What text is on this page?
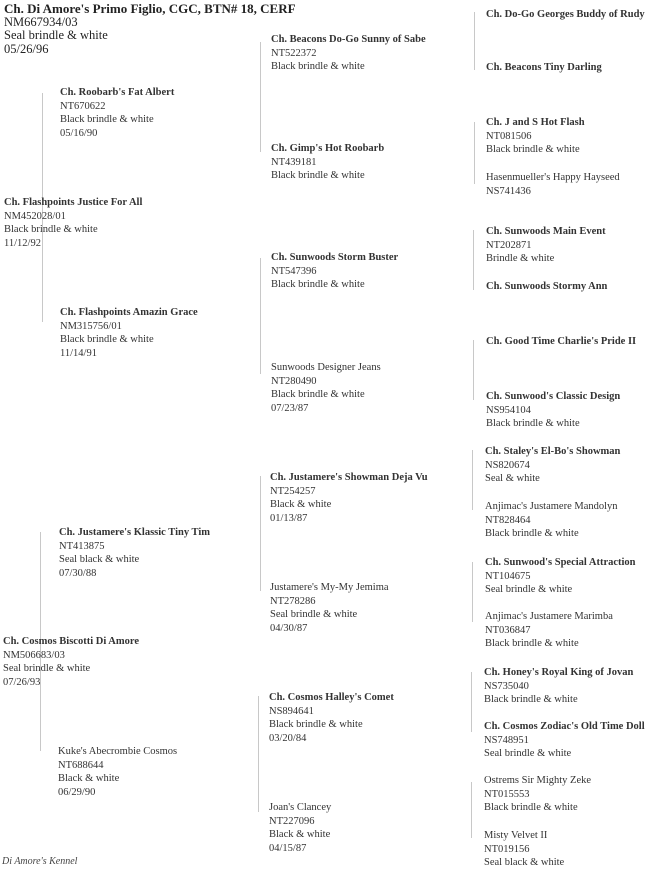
Ch. Di Amore's Primo Figlio, CGC, BTN# 18, CERF
NM667934/03
Seal brindle & white
05/26/96
Ch. Flashpoints Justice For All
NM452028/01
Black brindle & white
11/12/92
Ch. Cosmos Biscotti Di Amore
NM506683/03
Seal brindle & white
07/26/93
Ch. Roobarb's Fat Albert
NT670622
Black brindle & white
05/16/90
Ch. Flashpoints Amazin Grace
NM315756/01
Black brindle & white
11/14/91
Ch. Justamere's Klassic Tiny Tim
NT413875
Seal black & white
07/30/88
Kuke's Abecrombie Cosmos
NT688644
Black & white
06/29/90
Ch. Beacons Do-Go Sunny of Sabe
NT522372
Black brindle & white
Ch. Gimp's Hot Roobarb
NT439181
Black brindle & white
Ch. Sunwoods Storm Buster
NT547396
Black brindle & white
Sunwoods Designer Jeans
NT280490
Black brindle & white
07/23/87
Ch. Justamere's Showman Deja Vu
NT254257
Black & white
01/13/87
Justamere's My-My Jemima
NT278286
Seal brindle & white
04/30/87
Ch. Cosmos Halley's Comet
NS894641
Black brindle & white
03/20/84
Joan's Clancey
NT227096
Black & white
04/15/87
Ch. Do-Go Georges Buddy of Rudy
Ch. Beacons Tiny Darling
Ch. J and S Hot Flash
NT081506
Black brindle & white
Hasenmueller's Happy Hayseed
NS741436
Ch. Sunwoods Main Event
NT202871
Brindle & white
Ch. Sunwoods Stormy Ann
Ch. Good Time Charlie's Pride II
Ch. Sunwood's Classic Design
NS954104
Black brindle & white
Ch. Staley's El-Bo's Showman
NS820674
Seal & white
Anjimac's Justamere Mandolyn
NT828464
Black brindle & white
Ch. Sunwood's Special Attraction
NT104675
Seal brindle & white
Anjimac's Justamere Marimba
NT036847
Black brindle & white
Ch. Honey's Royal King of Jovan
NS735040
Black brindle & white
Ch. Cosmos Zodiac's Old Time Doll
NS748951
Seal brindle & white
Ostrems Sir Mighty Zeke
NT015553
Black brindle & white
Misty Velvet II
NT019156
Seal black & white
Di Amore's Kennel
